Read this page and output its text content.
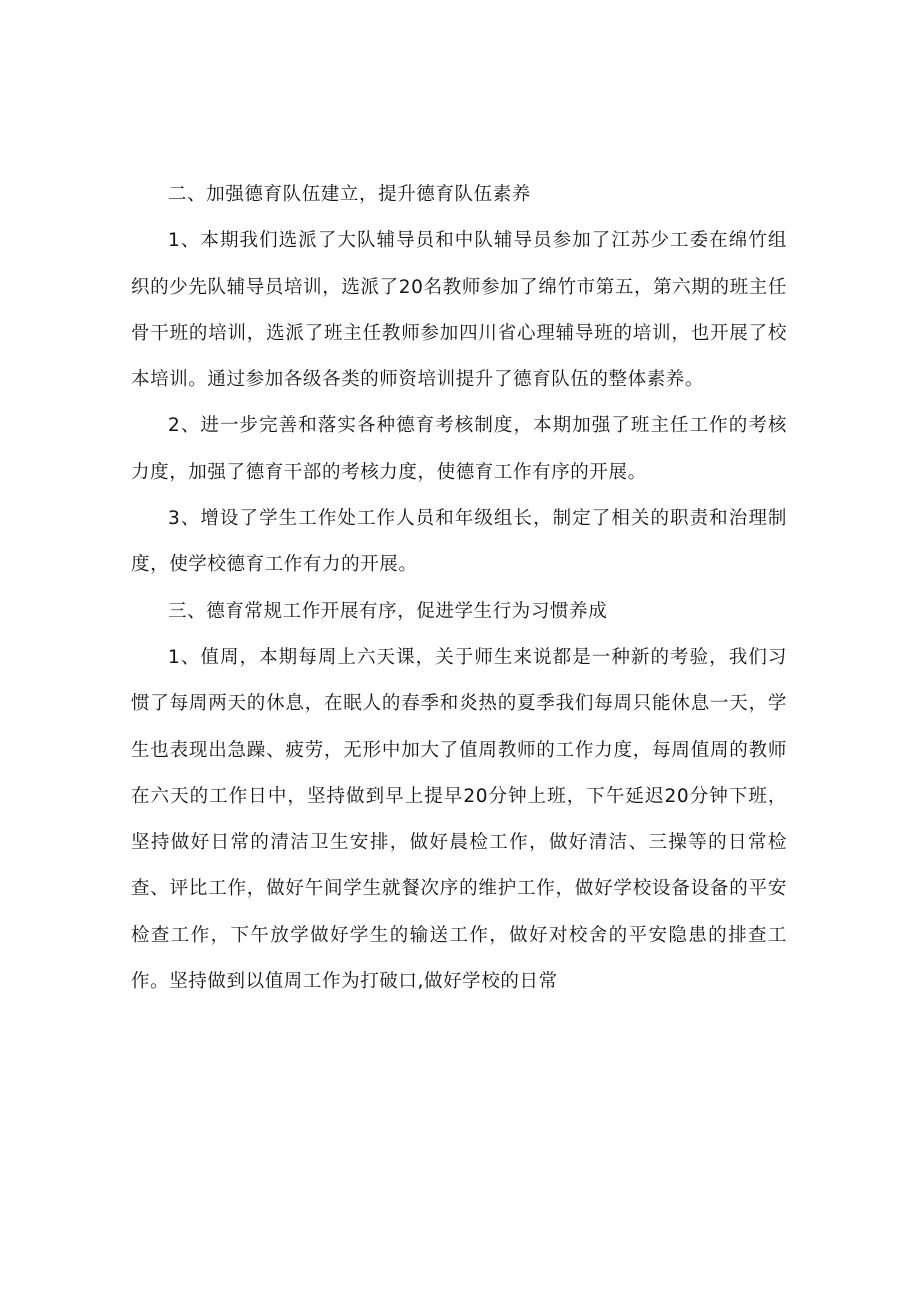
二、加强德育队伍建立，提升德育队伍素养

1、本期我们选派了大队辅导员和中队辅导员参加了江苏少工委在绵竹组织的少先队辅导员培训，选派了20名教师参加了绵竹市第五，第六期的班主任骨干班的培训，选派了班主任教师参加四川省心理辅导班的培训，也开展了校本培训。通过参加各级各类的师资培训提升了德育队伍的整体素养。

2、进一步完善和落实各种德育考核制度，本期加强了班主任工作的考核力度，加强了德育干部的考核力度，使德育工作有序的开展。

3、增设了学生工作处工作人员和年级组长，制定了相关的职责和治理制度，使学校德育工作有力的开展。

三、德育常规工作开展有序，促进学生行为习惯养成

1、值周，本期每周上六天课，关于师生来说都是一种新的考验，我们习惯了每周两天的休息，在眠人的春季和炎热的夏季我们每周只能休息一天，学生也表现出急躁、疲劳，无形中加大了值周教师的工作力度，每周值周的教师在六天的工作日中，坚持做到早上提早20分钟上班，下午延迟20分钟下班，坚持做好日常的清洁卫生安排，做好晨检工作，做好清洁、三操等的日常检查、评比工作，做好午间学生就餐次序的维护工作，做好学校设备设备的平安检查工作，下午放学做好学生的输送工作，做好对校舍的平安隐患的排查工作。坚持做到以值周工作为打破口,做好学校的日常
